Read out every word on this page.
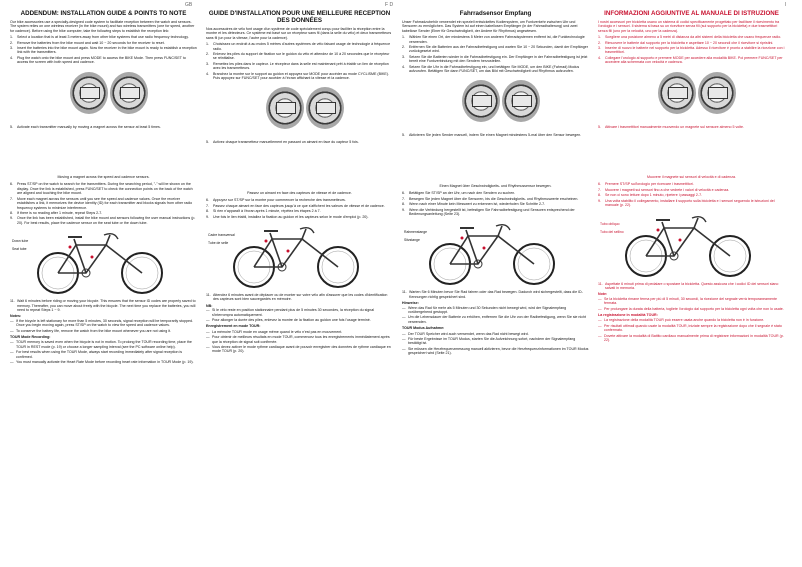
GB	F D	I
ADDENDUM: INSTALLATION GUIDE & POINTS TO NOTE

Our bike accessories use a specially-designed code system to facilitate reception between the watch and sensors. The system relies on one wireless receiver (in the bike mount) and two wireless transmitters (one for speed, another for cadence). Before using the bike computer, take the following steps to establish the reception link:

1.	Select a location that is at least 3 meters away from other bike systems that use radio frequency technology.
2.	Remove the batteries from the bike mount and wait 10 ~ 20 seconds for the receiver to reset.
3.	Insert the batteries into the bike mount again. Now the receiver in the bike mount is ready to establish a reception link with the transmitters.
4.	Plug the watch onto the bike mount and press MODE to access the BIKE Mode. Then press FUNC/SET to access the screen with both speed and cadence.
5.	Activate each transmitter manually by moving a magnet across the sensor at least 5 times.
Moving a magnet across the speed and cadence sensors.
6.	Press ST/SP on the watch to search for the transmitters. During the searching period, "-" will be shown on the display. Once the link is established, press FUNC/SET to check the connection points on the back of the watch are aligned and touching the bike mount.
7.	Move each magnet across the sensors until you see the speed and cadence values. Once the receiver establishes a link, it memorizes the device identity (ID) for each transmitter and blocks signals from other radio frequency systems to minimize interference.
8.	If there is no reading after 1 minute, repeat Steps 2-7.
9.	Once the link has been established, install the bike mount and sensors following the user manual instructions (p. 20). For best results, place the cadence sensor on the seat tube or the down tube.
Down tube
Seat tube
11. Wait 6 minutes before riding or moving your bicycle. This ensures that the sensor ID codes are properly saved to memory. Thereafter, you can move about freely with the bicycle. The next time you replace the batteries, you will need to repeat Steps 1 ~ 9.
Notes:
— If the bicycle is left stationary for more than 5 minutes, 30 seconds, signal reception will be temporarily stopped. Once you begin moving again, press ST/SP on the watch to view the speed and cadence values.
— To conserve the battery life, remove the watch from the bike mount whenever you are not using it.
TOUR Mode Recording:
— TOUR memory is saved even when the bicycle is not in motion. To prolong the TOUR recording time, place the TOUR in REST mode (p. 19) or choose a longer sampling interval (see the PC software online help).
— For best results when using the TOUR Mode, always start recording immediately after signal reception is confirmed.
— You must manually activate the Heart Rate Mode before recording heart rate information in TOUR Mode (p. 19).
GUIDE D'INSTALLATION POUR UNE MEILLEURE RÉCEPTION DES DONNÉES

Nos accessoires de vélo font usage d'un système de code spécialement conçu pour faciliter la réception entre la montre et les détecteurs. Ce système est basé sur un récepteur sans fil (dans la selle du vélo) et deux transmetteurs sans fil (un pour la vitesse, l'autre pour la cadence).

1.	Choisissez un endroit à au moins 5 mètres d'autres systèmes de vélo faisant usage de technologie à fréquence radio.
2.	Enlevez les piles du support de fixation sur le guidon du vélo et attendez de 10 à 20 secondes que le récepteur se réinitialise.
3.	Remettez les piles dans le capteur. Le récepteur dans la selle est maintenant prêt à établir un lien de réception avec les transmetteurs.
4.	Branchez la montre sur le support au guidon et appuyez sur MODE pour accéder au mode CYCLISME (BIKE). Puis appuyez sur FUNC/SET pour accéder à l'écran affichant la vitesse et la cadence.
5.	Activez chaque transmetteur manuellement en passant un aimant en face du capteur 5 fois.
Passez un aimant en face des capteurs de vitesse et de cadence.
6.	Appuyez sur ST/SP sur la montre pour commencer la recherche des transmetteurs.
7.	Passez chaque aimant en face des capteurs jusqu'à ce que s'affichent les valeurs de vitesse et de cadence.
8.	Si rien n'apparaît à l'écran après 1 minute, répétez les étapes 2 à 7.
9.	Une fois le lien établi, installez la fixation au guidon et les capteurs selon le mode d'emploi (p. 20).
Cadre transversal
Tube de selle
11. Attendez 6 minutes avant de déplacer ou de monter sur votre vélo afin d'assurer que les codes d'identification des capteurs sont bien sauvegardés en mémoire.
NB:
— Si le vélo reste en position stationnaire pendant plus de 5 minutes 30 secondes, la réception du signal s'interrompra automatiquement.
— Pour allonger la durée des piles, enlevez la montre de la fixation au guidon une fois l'usage terminé.
Enregistrement en mode TOUR:
— La mémoire TOUR mode en usage même quand le vélo n'est pas en mouvement.
— Pour obtenir de meilleurs résultats en mode TOUR, commencez tous les enregistrements immédiatement après que la réception de signal soit confirmée.
— Vous devez activer le mode rythme cardiaque avant de pouvoir enregistrer des données de rythme cardiaque en mode TOUR (p. 20).
Fahrradsensor Empfang

Unser Fahrradzubehör verwendet ein speziell entwickeltes Kodiersystem, um Funkverkehr zwischen Uhr und Sensoren zu ermöglichen. Das System ist auf einen kabellosen Empfänger (in der Fahrradhalterung) und zwei kabellose Sender (Einer für Geschwindigkeit, der Andere für Rhythmus) angewiesen.

1.	Wählen Sie einen Ort, der mindestens 5 Meter von anderen Fahrradsystemen entfernt ist, die Funktechnologie verwenden.
2.	Entfernen Sie die Batterien aus der Fahrradbefestigung und warten Sie 10 ~ 20 Sekunden, damit der Empfänger zurückgesetzt wird.
3.	Setzen Sie die Batterien wieder in die Fahrradbefestigung ein. Der Empfänger in der Fahrradbefestigung ist jetzt bereit eine Funkverbindung mit den Sendern herzustellen.
4.	Setzen Sie die Uhr in die Fahrradbefestigung ein, und betätigen Sie MODE, um den BIKE (Fahrrad) Modus aufzurufen. Betätigen Sie dann FUNC/SET, um das Bild mit Geschwindigkeit und Rhythmus aufzurufen.
5.	Aktivieren Sie jeden Sender manuell, indem Sie einen Magnet mindestens 5-mal über den Sensor bewegen.
Einen Magnet über Geschwindigkeits- und Rhythmussensor bewegen.
6.	Betätigen Sie ST/SP an der Uhr, um nach den Sendern zu suchen.
7.	Bewegen Sie jeden Magnet über die Sensoren, bis die Geschwindigkeits- und Rhythmuswerte erscheinen.
8.	Wenn nach einer Minute kein Messwert zu erkennen ist, wiederholen Sie Schritte 2-7.
9.	Wenn die Verbindung hergestellt ist, befestigen Sie Fahrradbefestigung und Sensoren entsprechend der Bedienungsanleitung (Seite 23).
Rahmenstange
Sitzstange
11. Warten Sie 6 Minuten bevor Sie Rad fahren oder das Rad bewegen. Dadurch wird sichergestellt, dass die ID-Kennungen richtig gespeichert sind.
Hinweise:
— Wenn das Rad für mehr als 5 Minuten und 30 Sekunden nicht bewegt wird, wird der Signalempfang vorübergehend gestoppt.
— Um die Lebensdauer der Batterie zu erhöhen, entfernen Sie die Uhr von der Radbefestigung, wenn Sie sie nicht verwenden.
TOUR Modus Aufnahme:
— Der TOUR Speicher wird auch verwendet, wenn das Rad nicht bewegt wird.
— Für beste Ergebnisse im TOUR Modus, starten Sie die Aufzeichnung sofort, nachdem der Signalempfang bestätigt ist.
— Sie müssen die Herzfrequenzmessung manuell aktivieren, bevor die Herzfrequenzinformationen im TOUR Modus gespeichert wird (Seite 21).
INFORMAZIONI AGGIUNTIVE AL MANUALE DI ISTRUZIONE

I nostri accessori per bicicletta usano un sistema di codici specificamente progettato per facilitare il ricevimento tra l'orologio e i sensori. Il sistema si basa su un ricevitore senza fili (sul supporto per la bicicletta) e due trasmettitori senza fili (uno per la velocità, uno per la cadenza).

1.	Scegliere una posizione almeno a 5 metri di distanza da altri sistemi della bicicletta che usano frequenze radio.
2.	Rimuovere le batterie dal supporto per la bicicletta e aspettare 10 ~ 20 secondi che il ricevitore si ripristini.
3.	Inserire di nuovo le batterie nel supporto per la bicicletta. Adesso il ricevitore è pronto a stabilire la ricezione con i trasmettitori.
4.	Collegare l'orologio al supporto e premere MODE per accedere alla modalità BIKE. Poi premere FUNC/SET per accedere alla schermata con velocità e cadenza.
5.	Attivare i trasmettitori manualmente muovendo un magnete sul sensore almeno 5 volte.
Muovere il magnete sui sensori di velocità e di cadenza.
6.	Premere ST/SP sull'orologio per ricercare i trasmettitori.
7.	Muovere i magneti sui sensori fino a che vedrete i valori di velocità e cadenza.
8.	Se non ci sono letture dopo 1 minuto, ripetere i passaggi 2-7.
9.	Una volta stabilito il collegamento, installare il supporto sulla bicicletta e i sensori seguendo le istruzioni del manuale (p. 22).
Tubo obliquo
Tubo del sellino
11. Aspettate 6 minuti prima di pedalare o spostare la bicicletta. Questo assicura che i codici ID dei sensori siano salvati in memoria.
Note:
— Se la bicicletta rimane ferma per più di 5 minuti, 30 secondi, la ricezione del segnale verrà temporaneamente fermata.
— Per prolungare la durata della batteria, togliete l'orologio dal supporto per la bicicletta ogni volta che non lo usate.
La registrazione in modalità TOUR:
— La registrazione della modalità TOUR può essere usata anche quando la bicicletta non è in funzione.
— Per risultati ottimali quando usate la modalità TOUR, iniziate sempre la registrazione dopo che il segnale è stato confermato.
— Dovete attivare la modalità di Battito cardiaco manualmente prima di registrare informazioni in modalità TOUR (p. 22).
